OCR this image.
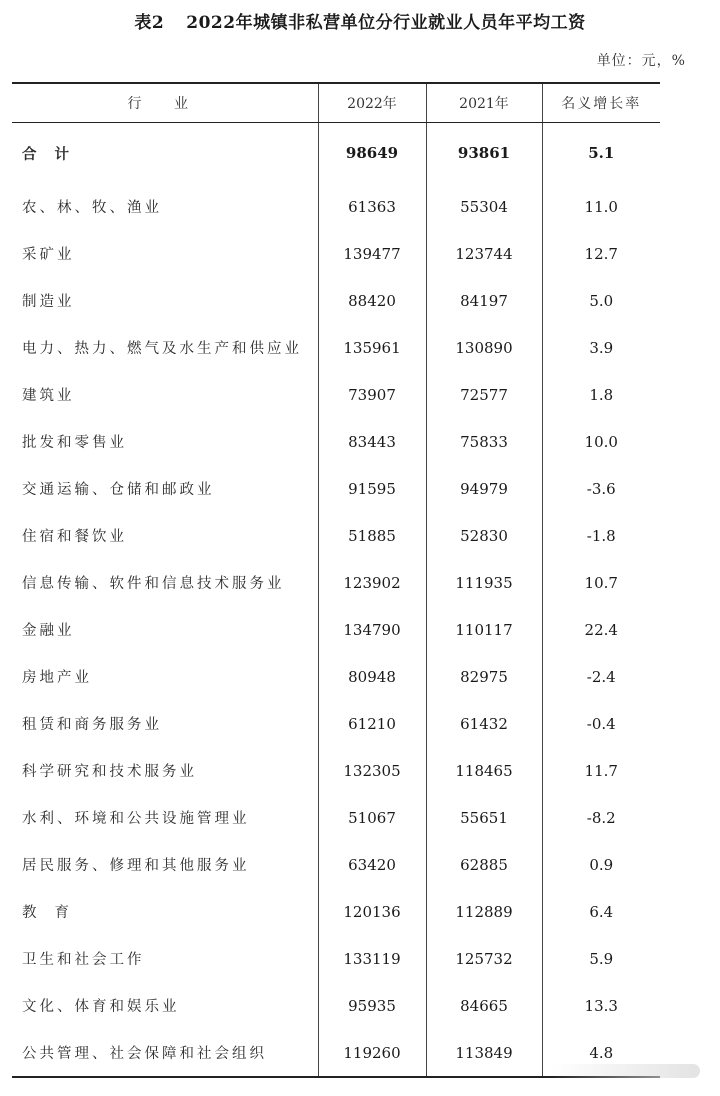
表2 2022年城镇非私营单位分行业就业人员年平均工资
单位：元，%
行 业	2022年	2021年	名义增长率
合计	98649	93861	5.1
农、林、牧、渔业	61363	55304	11.0
采矿业	139477	123744	12.7
制造业	88420	84197	5.0
电力、热力、燃气及水生产和供应业	135961	130890	3.9
建筑业	73907	72577	1.8
批发和零售业	83443	75833	10.0
交通运输、仓储和邮政业	91595	94979	-3.6
住宿和餐饮业	51885	52830	-1.8
信息传输、软件和信息技术服务业	123902	111935	10.7
金融业	134790	110117	22.4
房地产业	80948	82975	-2.4
租赁和商务服务业	61210	61432	-0.4
科学研究和技术服务业	132305	118465	11.7
水利、环境和公共设施管理业	51067	55651	-8.2
居民服务、修理和其他服务业	63420	62885	0.9
教育	120136	112889	6.4
卫生和社会工作	133119	125732	5.9
文化、体育和娱乐业	95935	84665	13.3
公共管理、社会保障和社会组织	119260	113849	4.8
